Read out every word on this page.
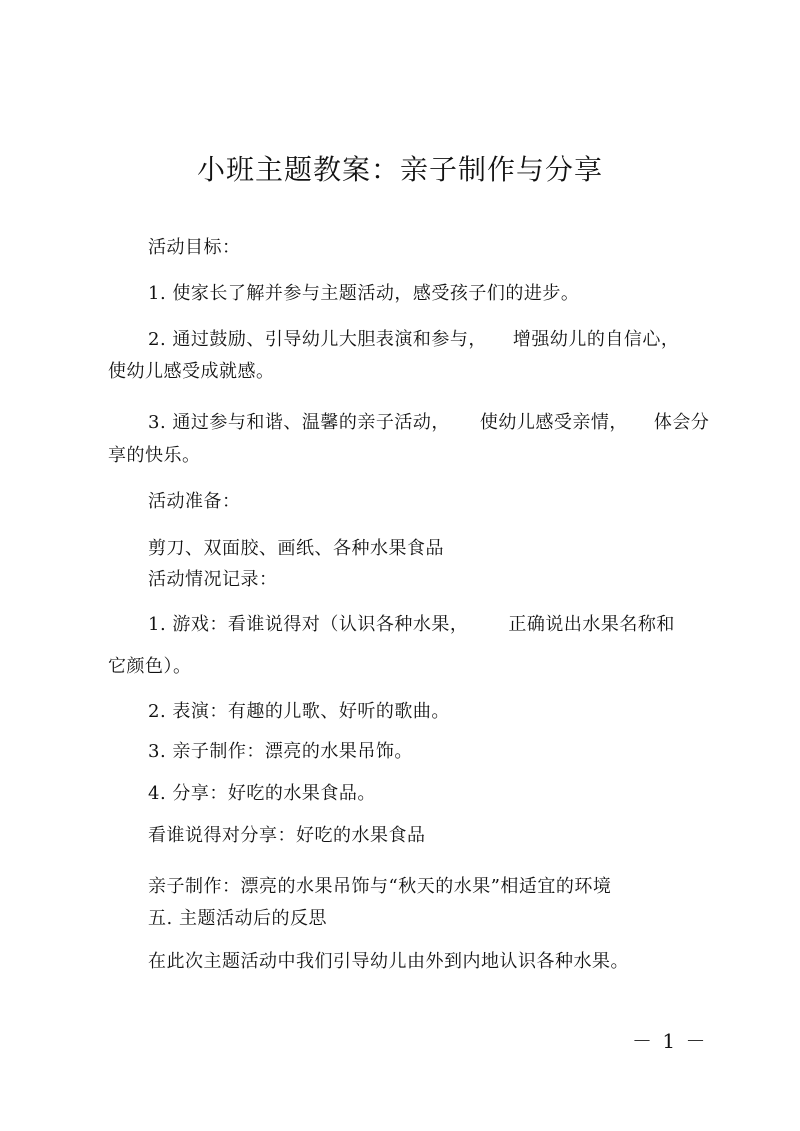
小班主题教案：亲子制作与分享
活动目标：
1. 使家长了解并参与主题活动，感受孩子们的进步。
2. 通过鼓励、引导幼儿大胆表演和参与， 增强幼儿的自信心，
使幼儿感受成就感。
3. 通过参与和谐、温馨的亲子活动， 使幼儿感受亲情， 体会分
享的快乐。
活动准备：
剪刀、双面胶、画纸、各种水果食品
活动情况记录：
1. 游戏：看谁说得对（认识各种水果， 正确说出水果名称和
它颜色）。
2. 表演：有趣的儿歌、好听的歌曲。
3. 亲子制作：漂亮的水果吊饰。
4. 分享：好吃的水果食品。
看谁说得对分享：好吃的水果食品
亲子制作：漂亮的水果吊饰与“秋天的水果”相适宜的环境
五. 主题活动后的反思
在此次主题活动中我们引导幼儿由外到内地认识各种水果。
－ 1 －
